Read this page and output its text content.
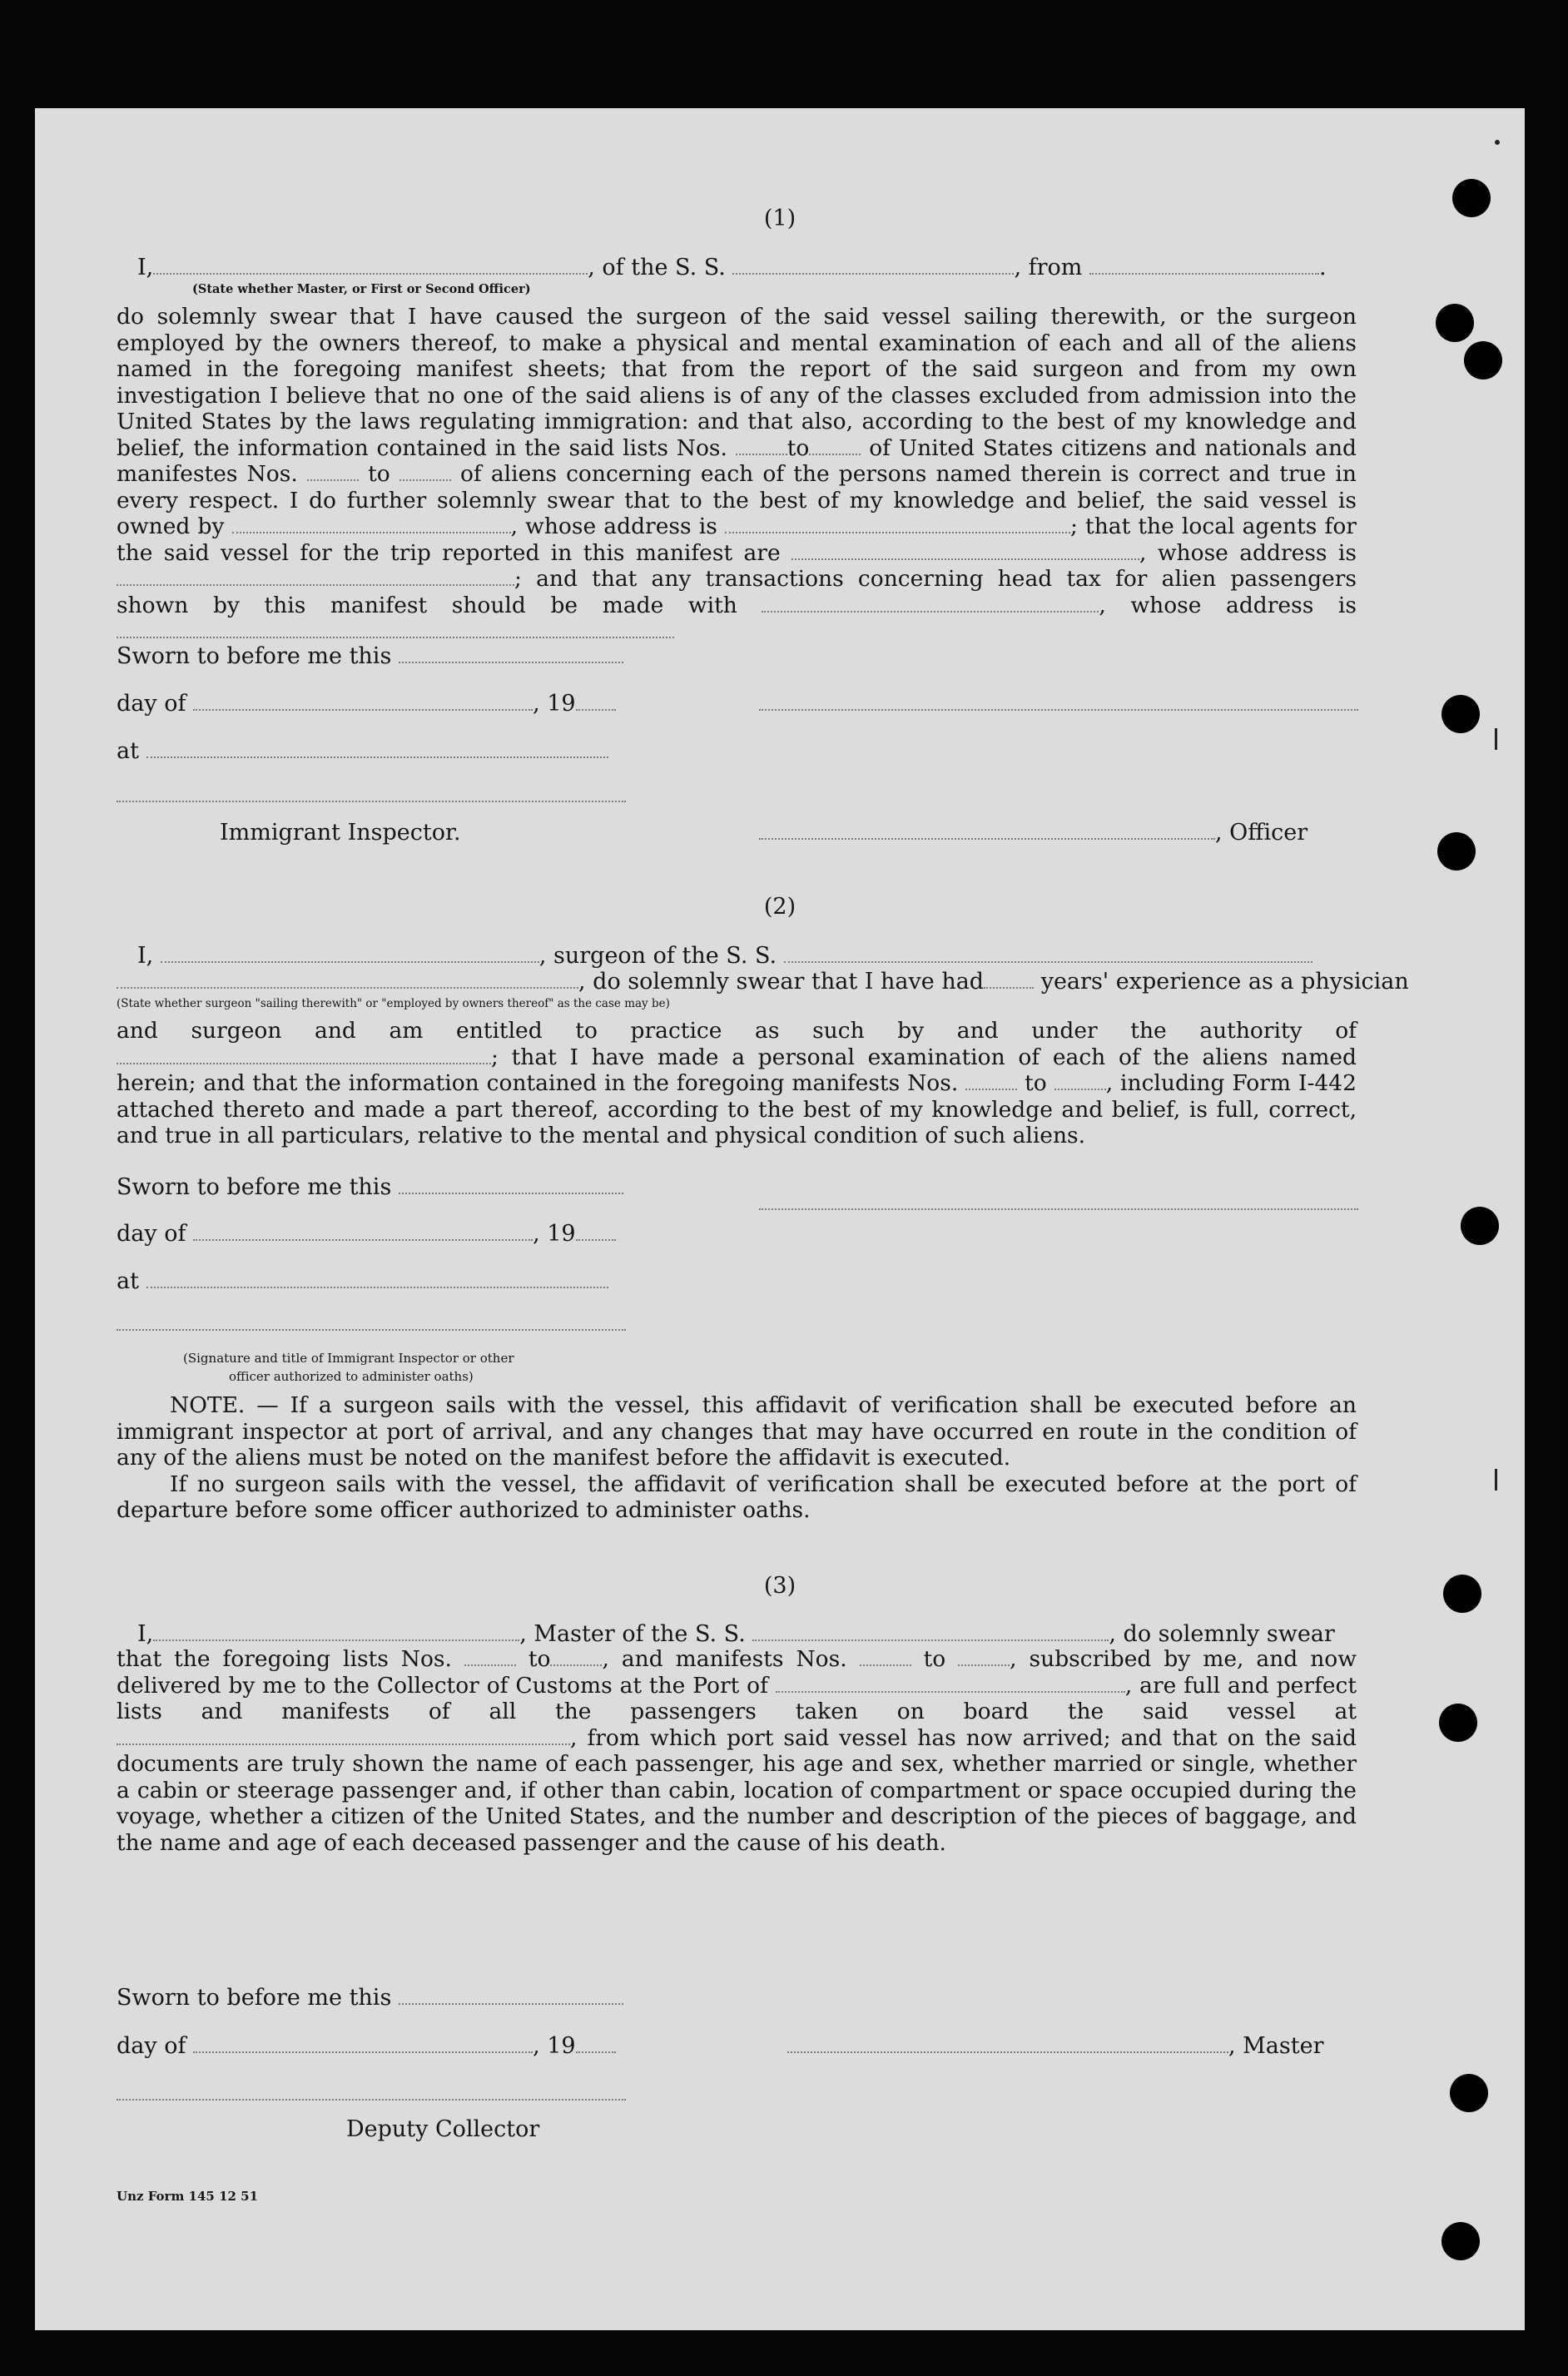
(1)
I,	, of the S. S.	, from	.
(State whether Master, or First or Second Officer)

do solemnly swear that I have caused the surgeon of the said vessel sailing therewith, or the surgeon employed by the owners thereof, to make a physical and mental examination of each and all of the aliens named in the foregoing manifest sheets; that from the report of the said surgeon and from my own investigation I believe that no one of the said aliens is of any of the classes excluded from admission into the United States by the laws regulating immigration: and that also, according to the best of my knowledge and belief, the information contained in the said lists Nos.	to	of United States citizens and nationals and manifestes Nos.	to	of aliens concerning each of the persons named therein is correct and true in every respect. I do further solemnly swear that to the best of my knowledge and belief, the said vessel is owned by	, whose address is	; that the local agents for the said vessel for the trip reported in this manifest are	, whose address is ; and that any transactions concerning head tax for alien passengers shown by this manifest should be made with	, whose address is

Sworn to before me this
day of	, 19
at
Immigrant Inspector.	, Officer
(2)
I,	, surgeon of the S. S.
, do solemnly swear that I have had	years' experience as a physician
(State whether surgeon "sailing therewith" or "employed by owners thereof" as the case may be)

and surgeon and am entitled to practice as such by and under the authority of ; that I have made a personal examination of each of the aliens named herein; and that the information contained in the foregoing manifests Nos.	to	, including Form I-442 attached thereto and made a part thereof, according to the best of my knowledge and belief, is full, correct, and true in all particulars, relative to the mental and physical condition of such aliens.

Sworn to before me this
day of	, 19
at
(Signature and title of Immigrant Inspector or other
officer authorized to administer oaths)

NOTE. — If a surgeon sails with the vessel, this affidavit of verification shall be executed before an immigrant inspector at port of arrival, and any changes that may have occurred en route in the condition of any of the aliens must be noted on the manifest before the affidavit is executed.

If no surgeon sails with the vessel, the affidavit of verification shall be executed before at the port of departure before some officer authorized to administer oaths.

(3)
I,	, Master of the S. S.	, do solemnly swear

that the foregoing lists Nos.	to , and manifests Nos.	to	, subscribed by me, and now delivered by me to the Collector of Customs at the Port of	, are full and perfect lists and manifests of all the passengers taken on board the said vessel at , from which port said vessel has now arrived; and that on the said documents are truly shown the name of each passenger, his age and sex, whether married or single, whether a cabin or steerage passenger and, if other than cabin, location of compartment or space occupied during the voyage, whether a citizen of the United States, and the number and description of the pieces of baggage, and the name and age of each deceased passenger and the cause of his death.

Sworn to before me this
day of	, 19	, Master
Deputy Collector
Unz Form 145 12 51
